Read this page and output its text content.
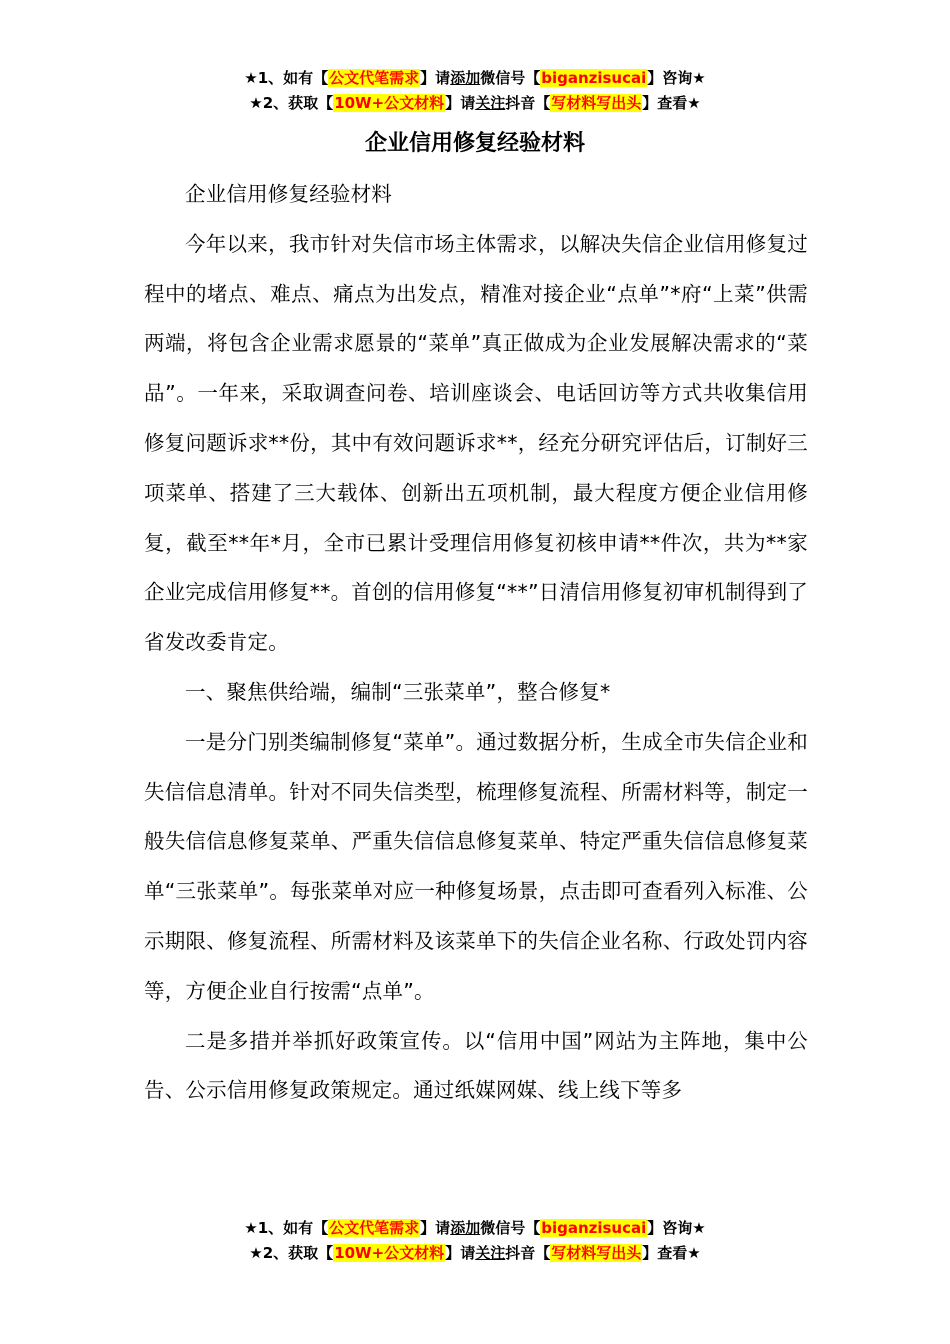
★1、如有【公文代笔需求】请添加微信号【biganzisucai】咨询★
★2、获取【10W+公文材料】请关注抖音【写材料写出头】查看★
企业信用修复经验材料

企业信用修复经验材料

今年以来，我市针对失信市场主体需求，以解决失信企业信用修复过程中的堵点、难点、痛点为出发点，精准对接企业“点单”*府“上菜”供需两端，将包含企业需求愿景的“菜单”真正做成为企业发展解决需求的“菜品”。一年来，采取调查问卷、培训座谈会、电话回访等方式共收集信用修复问题诉求**份，其中有效问题诉求**，经充分研究评估后，订制好三项菜单、搭建了三大载体、创新出五项机制，最大程度方便企业信用修复，截至**年*月，全市已累计受理信用修复初核申请**件次，共为**家企业完成信用修复**。首创的信用修复“**”日清信用修复初审机制得到了省发改委肯定。

一、聚焦供给端，编制“三张菜单”，整合修复*

一是分门别类编制修复“菜单”。通过数据分析，生成全市失信企业和失信信息清单。针对不同失信类型，梳理修复流程、所需材料等，制定一般失信信息修复菜单、严重失信信息修复菜单、特定严重失信信息修复菜单“三张菜单”。每张菜单对应一种修复场景，点击即可查看列入标准、公示期限、修复流程、所需材料及该菜单下的失信企业名称、行政处罚内容等，方便企业自行按需“点单”。

二是多措并举抓好政策宣传。以“信用中国”网站为主阵地，集中公告、公示信用修复政策规定。通过纸媒网媒、线上线下等多

★1、如有【公文代笔需求】请添加微信号【biganzisucai】咨询★
★2、获取【10W+公文材料】请关注抖音【写材料写出头】查看★
